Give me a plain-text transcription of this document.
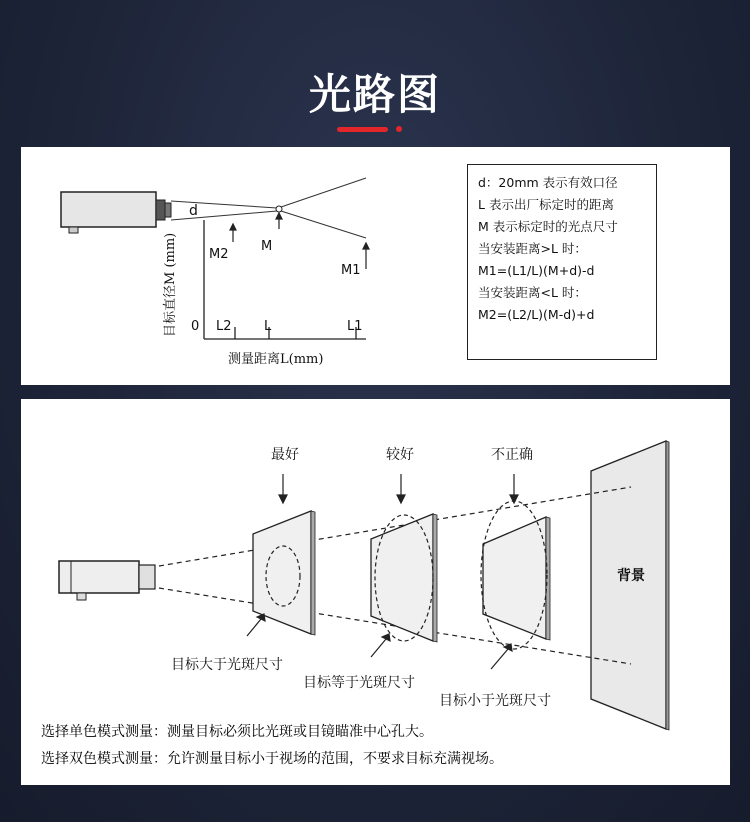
光路图
d
M
M2
M1
0 L2 L	L1
目标直径M (mm)
测量距离L(mm)
d：20mm 表示有效口径
L 表示出厂标定时的距离
M 表示标定时的光点尺寸
当安装距离>L 时：
M1=(L1/L)(M+d)-d
当安装距离<L 时：
M2=(L2/L)(M-d)+d
最好	较好	不正确
背景
目标大于光斑尺寸
目标等于光斑尺寸
目标小于光斑尺寸
选择单色模式测量：测量目标必须比光斑或目镜瞄准中心孔大。
选择双色模式测量：允许测量目标小于视场的范围，不要求目标充满视场。
